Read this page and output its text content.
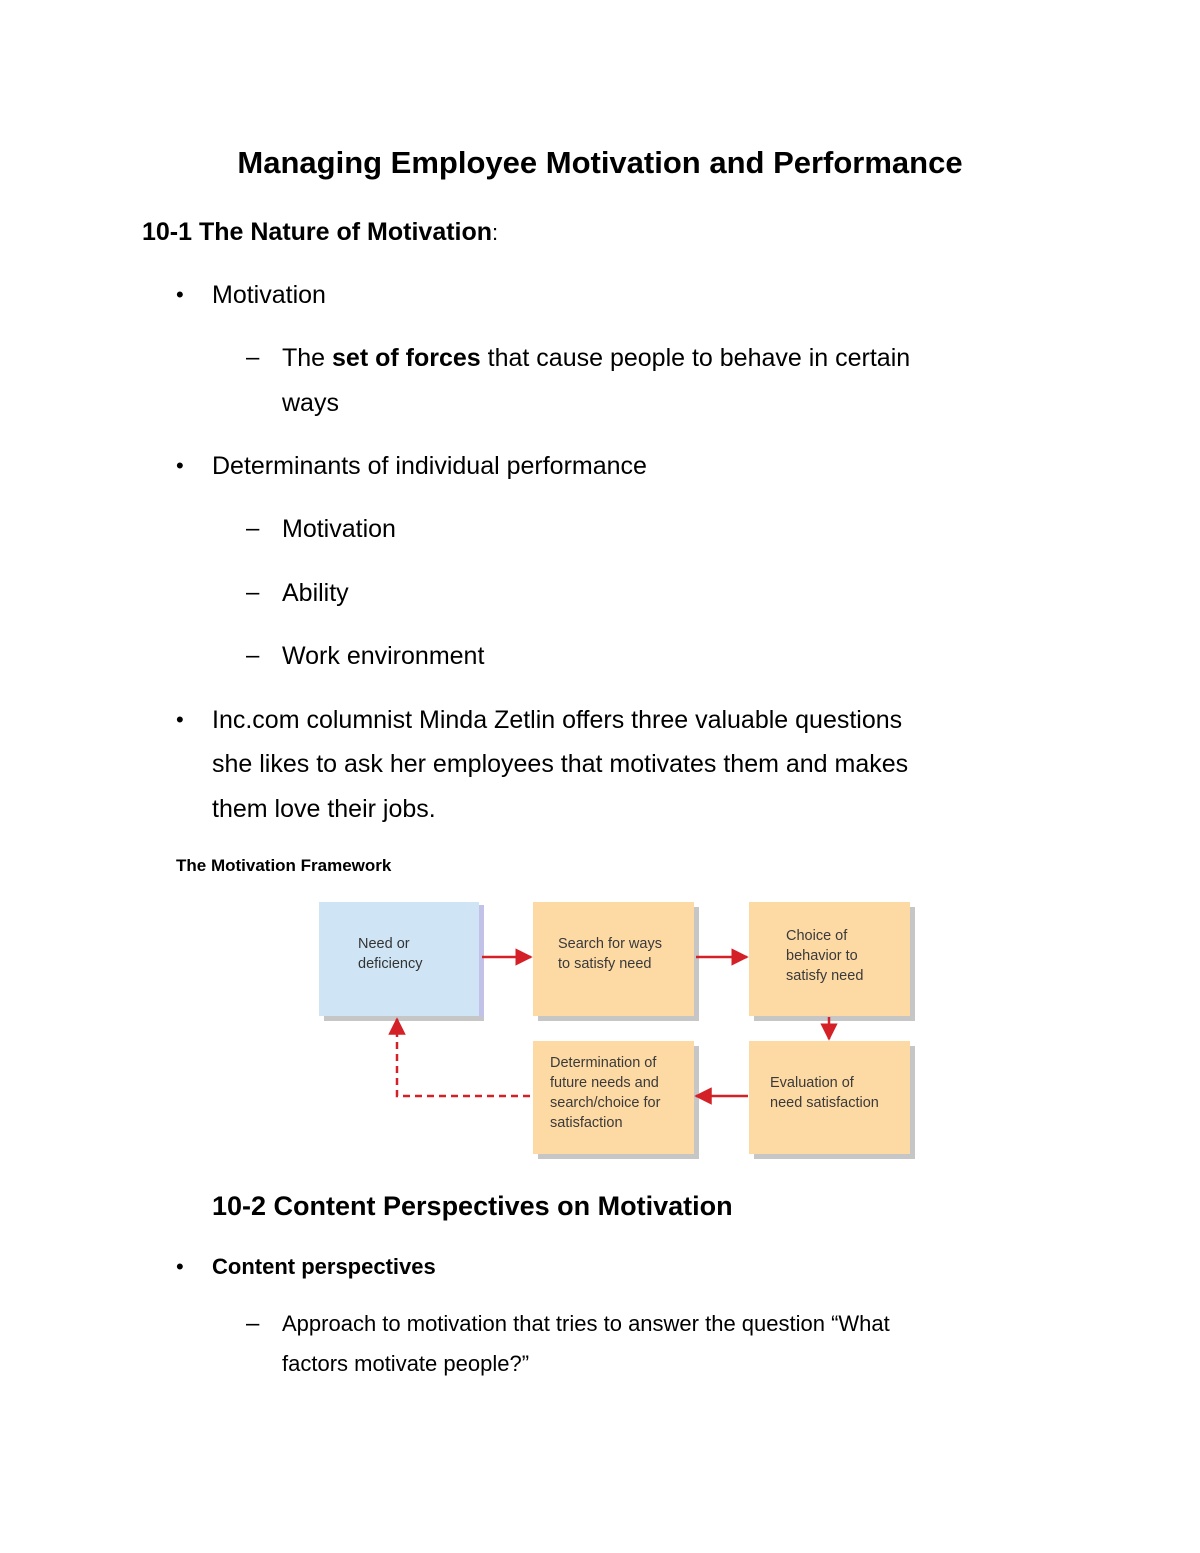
Managing Employee Motivation and Performance
10-1 The Nature of Motivation:
• Motivation
– The set of forces that cause people to behave in certain
ways
• Determinants of individual performance
– Motivation
– Ability
– Work environment
• Inc.com columnist Minda Zetlin offers three valuable questions
she likes to ask her employees that motivates them and makes
them love their jobs.
The Motivation Framework
Need or
deficiency
Search for ways
to satisfy need
Choice of
behavior to
satisfy need
Evaluation of
need satisfaction
Determination of
future needs and
search/choice for
satisfaction
10-2 Content Perspectives on Motivation
• Content perspectives
– Approach to motivation that tries to answer the question “What
factors motivate people?”
